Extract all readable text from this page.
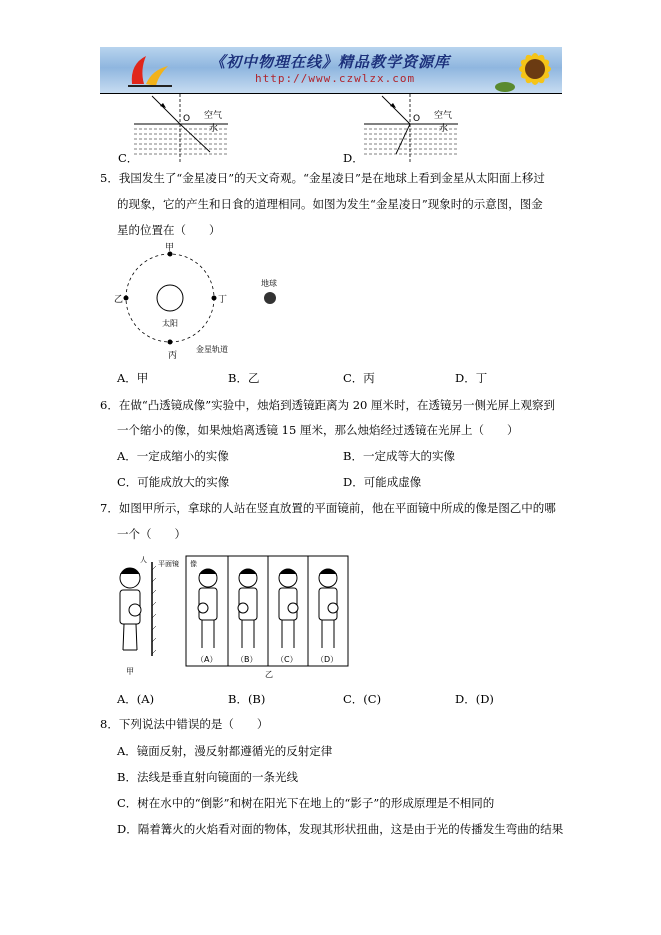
《初中物理在线》精品教学资源库
http://www.czwlzx.com
O 空气
水
C．
O 空气
水
D．
5．我国发生了“金星凌日”的天文奇观。“金星凌日”是在地球上看到金星从太阳面上移过
的现象，它的产生和日食的道理相同。如图为发生“金星凌日”现象时的示意图，图金
星的位置在（　　）
甲
乙
丙
丁
太阳
金星轨道
地球
A．甲	B．乙	C．丙	D．丁
6．在做“凸透镜成像”实验中，烛焰到透镜距离为 20 厘米时，在透镜另一侧光屏上观察到
一个缩小的像，如果烛焰离透镜 15 厘米，那么烛焰经过透镜在光屏上（　　）
A．一定成缩小的实像	B．一定成等大的实像
C．可能成放大的实像	D．可能成虚像
7．如图甲所示，拿球的人站在竖直放置的平面镜前，他在平面镜中所成的像是图乙中的哪
一个（　　）
人 平面镜
甲
像
（A） （B） （C） （D）
乙
A．(A)	B．(B)	C．(C)	D．(D)
8．下列说法中错误的是（　　）
A．镜面反射，漫反射都遵循光的反射定律
B．法线是垂直射向镜面的一条光线
C．树在水中的“倒影”和树在阳光下在地上的“影子”的形成原理是不相同的
D．隔着篝火的火焰看对面的物体，发现其形状扭曲，这是由于光的传播发生弯曲的结果
